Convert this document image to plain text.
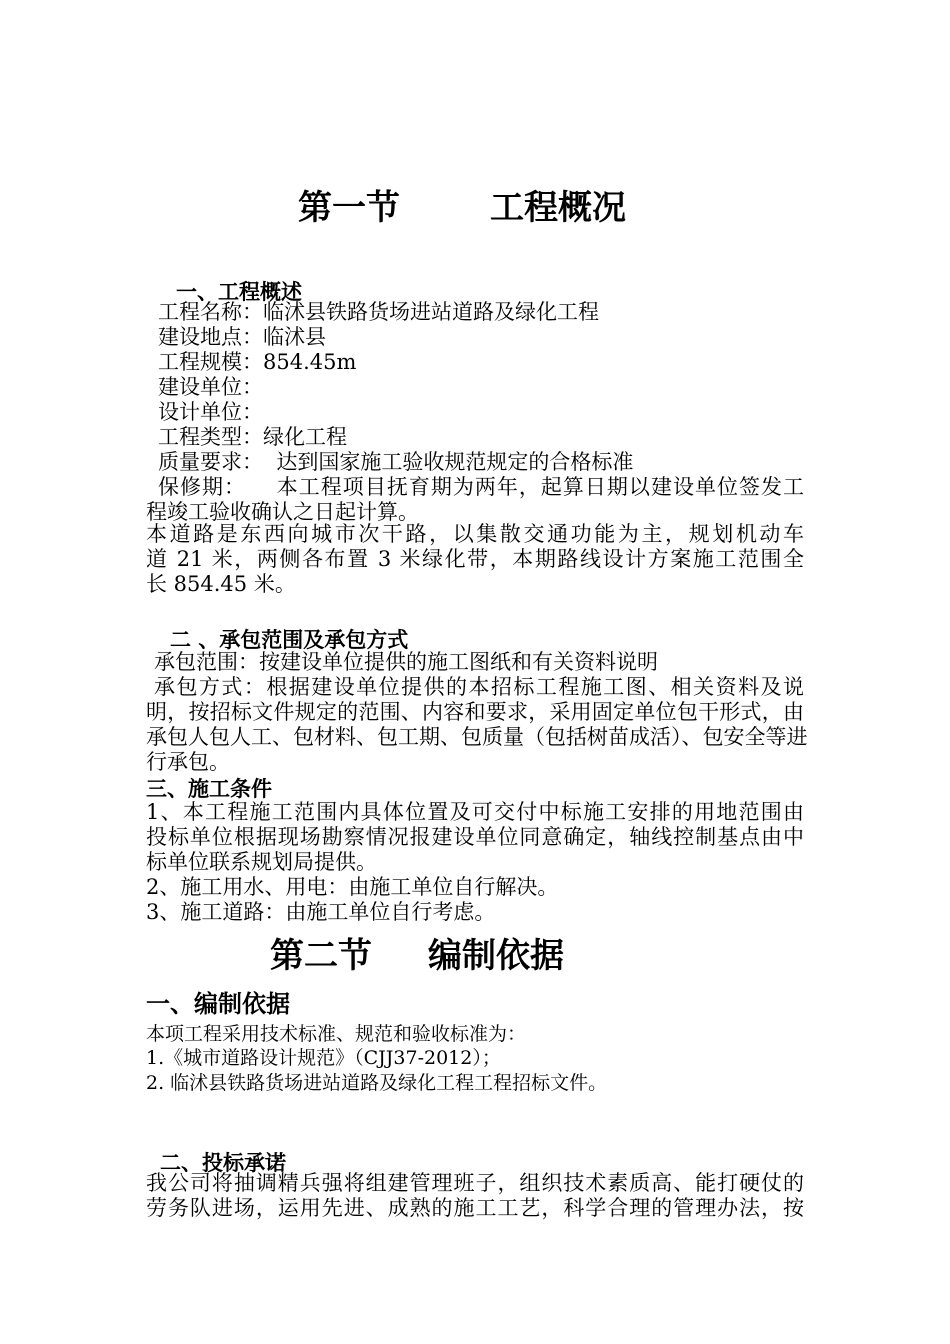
第一节	工程概况
一、工程概述
工程名称：临沭县铁路货场进站道路及绿化工程
建设地点：临沭县
工程规模：854.45m
建设单位：
设计单位：
工程类型：绿化工程
质量要求：  达到国家施工验收规范规定的合格标准
保修期：    本工程项目抚育期为两年，起算日期以建设单位签发工
程竣工验收确认之日起计算。
本道路是东西向城市次干路，以集散交通功能为主，规划机动车
道 21 米，两侧各布置 3 米绿化带，本期路线设计方案施工范围全
长 854.45 米。
二 、承包范围及承包方式
承包范围：按建设单位提供的施工图纸和有关资料说明
承包方式：根据建设单位提供的本招标工程施工图、相关资料及说
明，按招标文件规定的范围、内容和要求，采用固定单位包干形式，由
承包人包人工、包材料、包工期、包质量（包括树苗成活）、包安全等进
行承包。
三、施工条件
1、本工程施工范围内具体位置及可交付中标施工安排的用地范围由
投标单位根据现场勘察情况报建设单位同意确定，轴线控制基点由中
标单位联系规划局提供。
2、施工用水、用电：由施工单位自行解决。
3、施工道路：由施工单位自行考虑。
第二节 编制依据
一、编制依据
本项工程采用技术标准、规范和验收标准为：
1.《城市道路设计规范》（CJJ37-2012）；
2. 临沭县铁路货场进站道路及绿化工程工程招标文件。
二、投标承诺
我公司将抽调精兵强将组建管理班子，组织技术素质高、能打硬仗的
劳务队进场，运用先进、成熟的施工工艺，科学合理的管理办法，按
